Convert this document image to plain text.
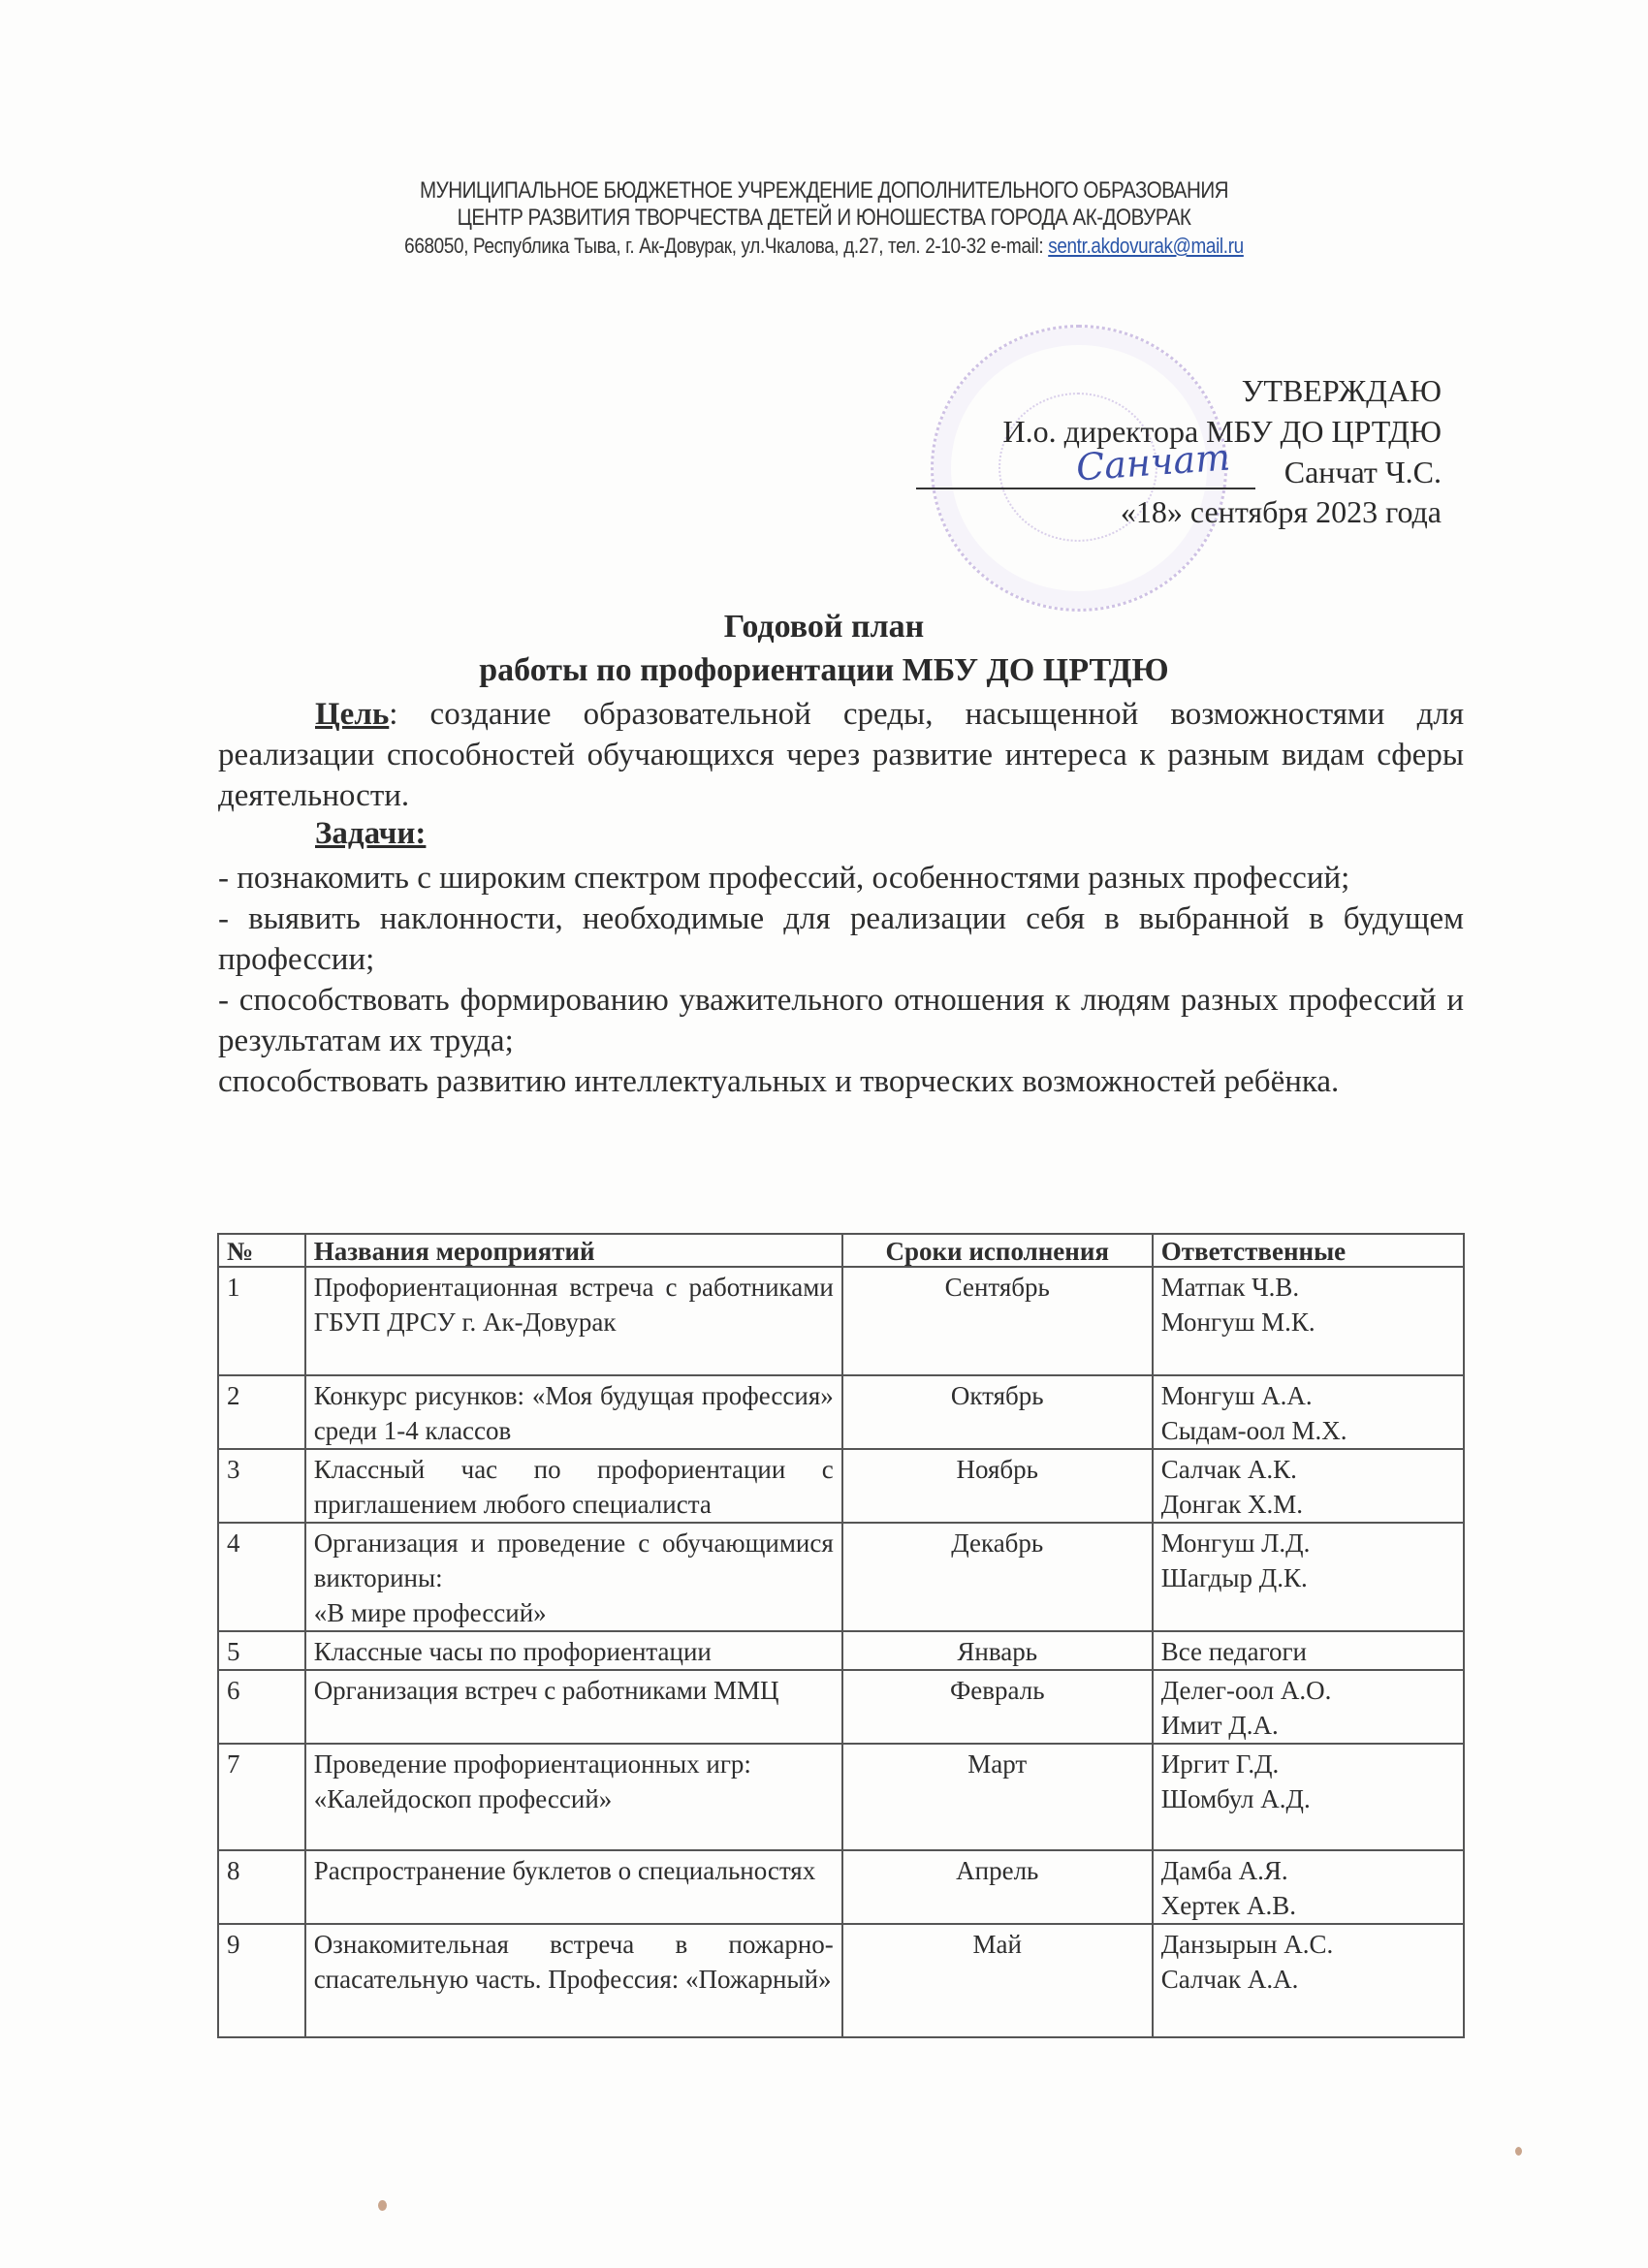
МУНИЦИПАЛЬНОЕ БЮДЖЕТНОЕ УЧРЕЖДЕНИЕ ДОПОЛНИТЕЛЬНОГО ОБРАЗОВАНИЯ
ЦЕНТР РАЗВИТИЯ ТВОРЧЕСТВА ДЕТЕЙ И ЮНОШЕСТВА ГОРОДА АК-ДОВУРАК
668050, Республика Тыва, г. Ак-Довурак, ул.Чкалова, д.27, тел. 2-10-32 e-mail: sentr.akdovurak@mail.ru
УТВЕРЖДАЮ
И.о. директора МБУ ДО ЦРТДЮ
Санчат Санчат Ч.С.
«18» сентября 2023 года
Годовой план
работы по профориентации МБУ ДО ЦРТДЮ
Цель: создание образовательной среды, насыщенной возможностями для реализации способностей обучающихся через развитие интереса к разным видам сферы деятельности.
Задачи:

- познакомить с широким спектром профессий, особенностями разных профессий;

- выявить наклонности, необходимые для реализации себя в выбранной в будущем профессии;

- способствовать формированию уважительного отношения к людям разных профессий и результатам их труда;

способствовать развитию интеллектуальных и творческих возможностей ребёнка.

№	Названия мероприятий	Сроки исполнения	Ответственные
1	Профориентационная встреча с работниками ГБУП ДРСУ г. Ак-Довурак	Сентябрь	Матпак Ч.В.
Монгуш М.К.

2	Конкурс рисунков: «Моя будущая профессия» среди 1-4 классов	Октябрь	Монгуш А.А.
Сыдам-оол М.Х.

3	Классный час по профориентации с приглашением любого специалиста	Ноябрь	Салчак А.К.
Донгак Х.М.

4	Организация и проведение с обучающимися викторины:
«В мире профессий»
	Декабрь	Монгуш Л.Д.
Шагдыр Д.К.

5	Классные часы по профориентации	Январь	Все педагоги

6	Организация встреч с работниками ММЦ	Февраль	Делег-оол А.О.
Имит Д.А.

7	Проведение профориентационных игр:
«Калейдоскоп профессий»
	Март	Иргит Г.Д.
Шомбул А.Д.

8	Распространение буклетов о специальностях	Апрель	Дамба А.Я.
Хертек А.В.

9	Ознакомительная встреча в пожарно-спасательную часть. Профессия: «Пожарный»	Май	Данзырын А.С.
Салчак А.А.
